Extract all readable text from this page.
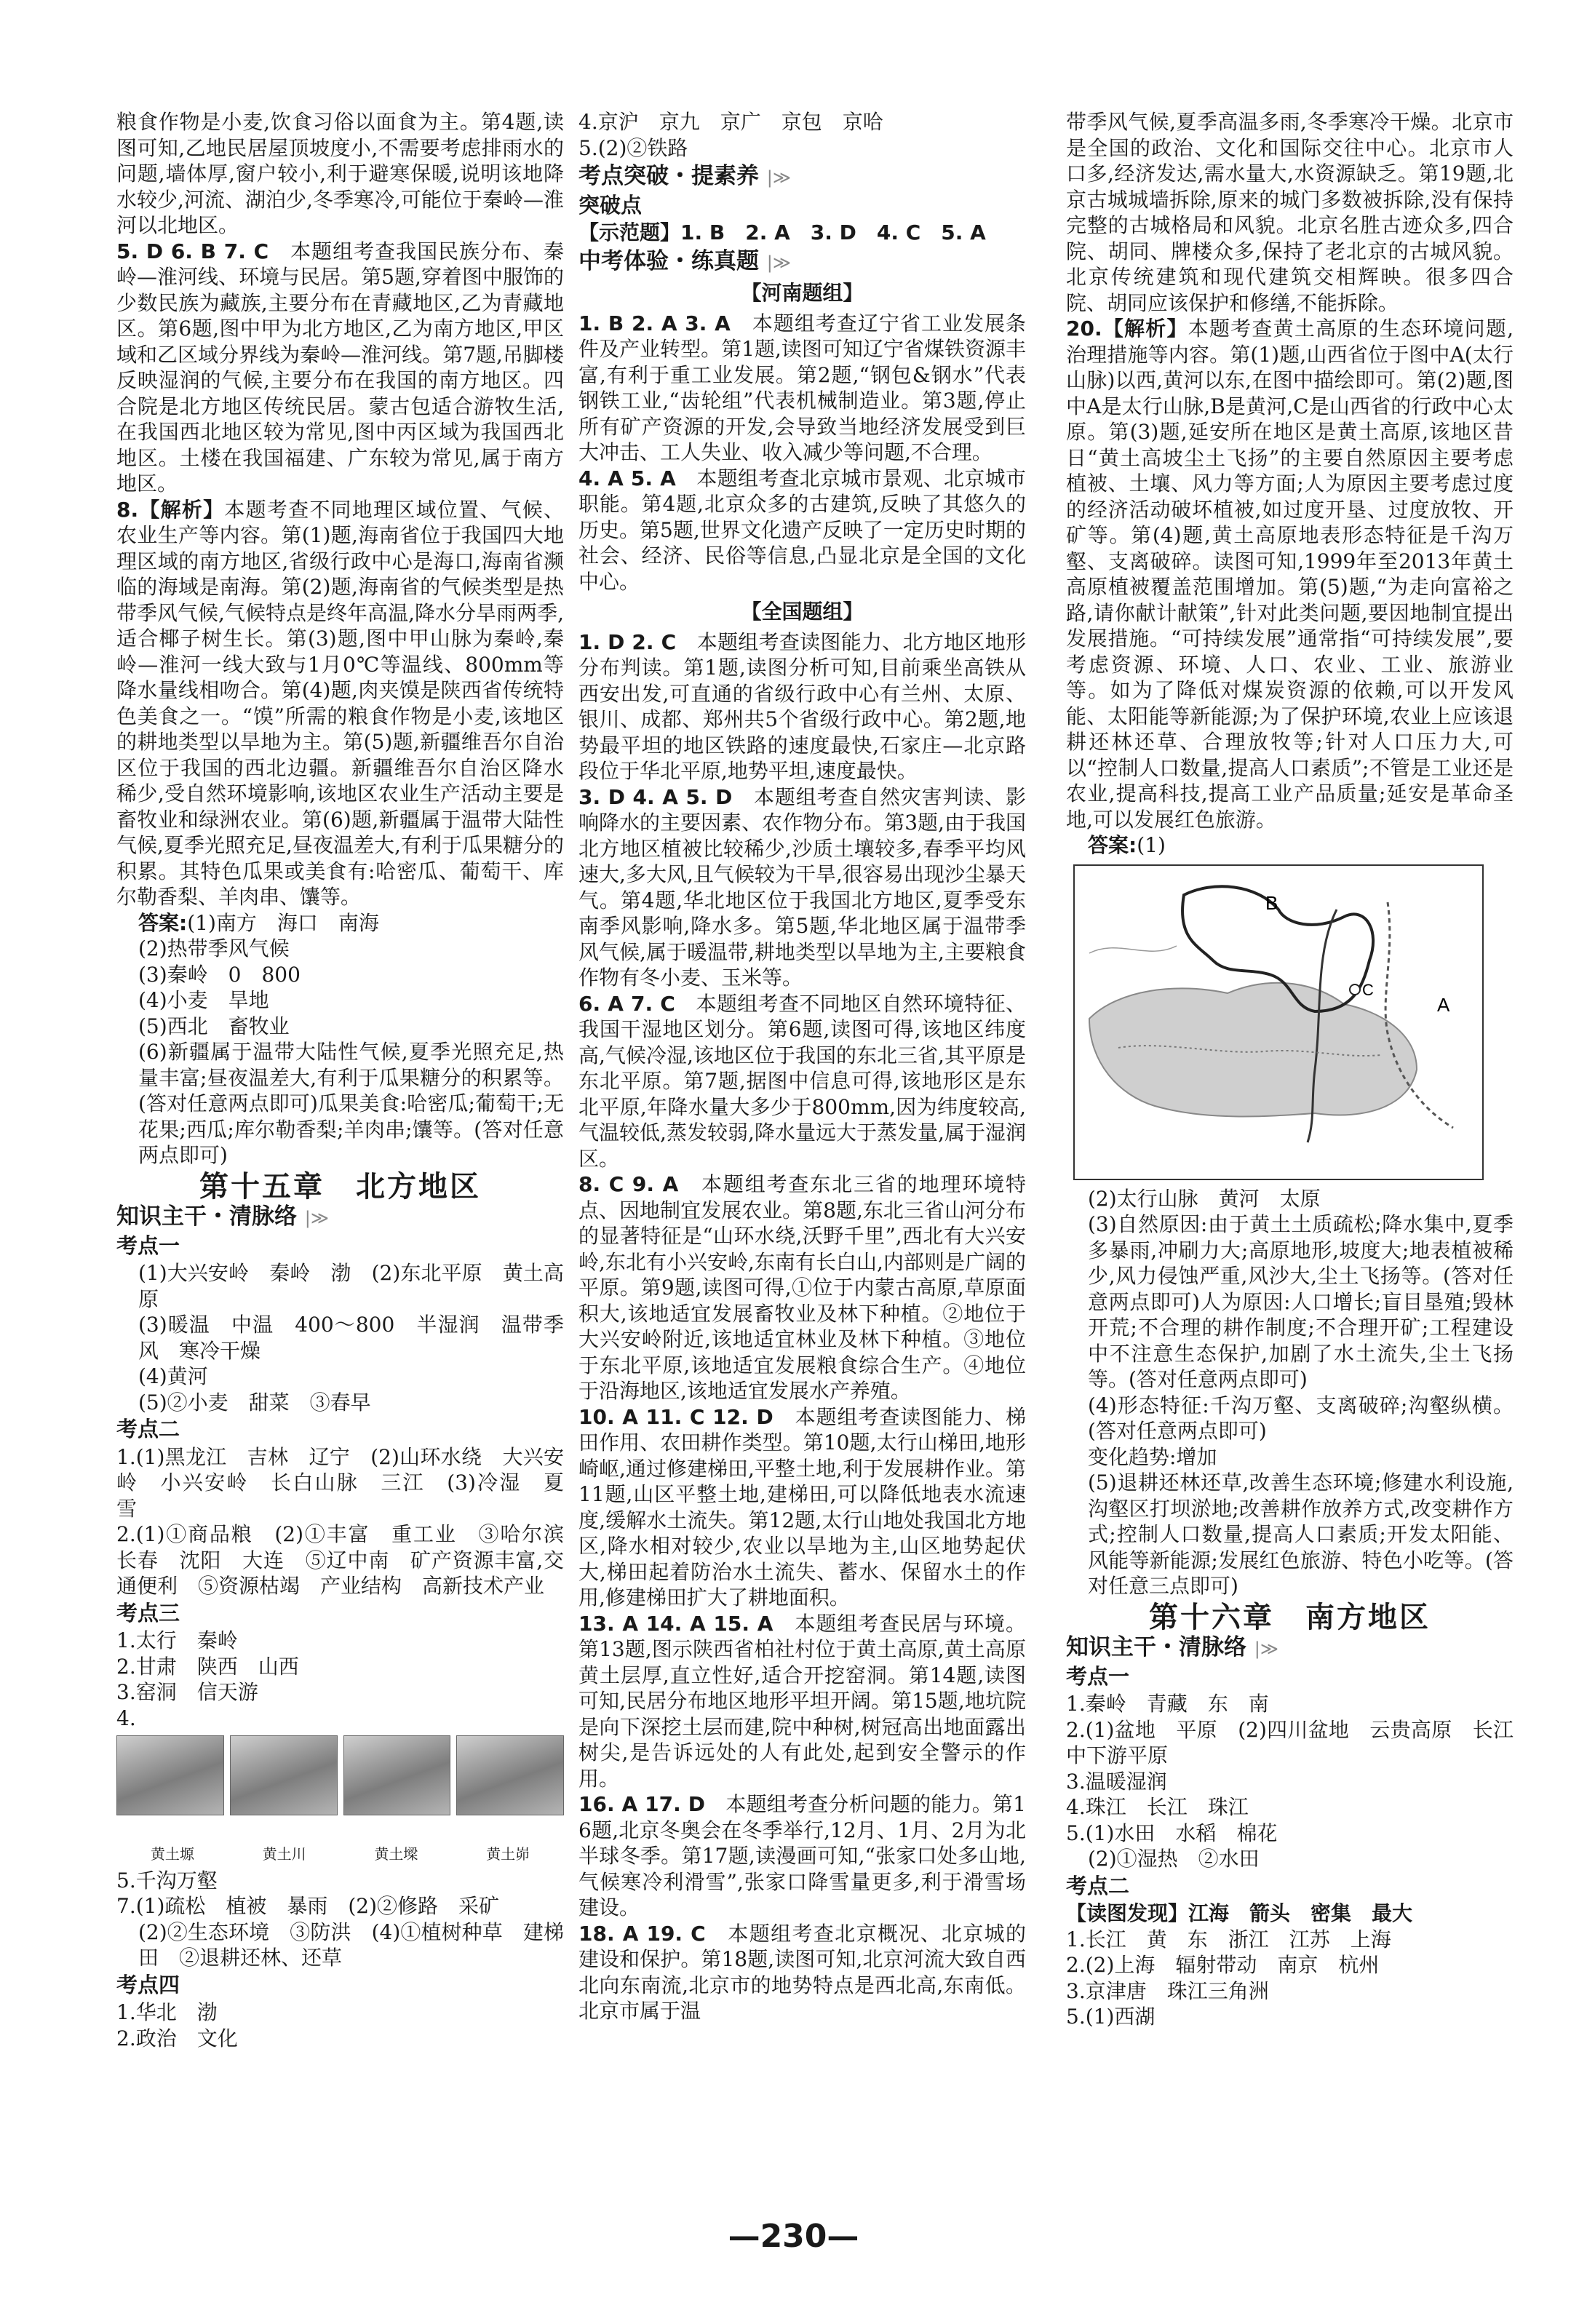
粮食作物是小麦,饮食习俗以面食为主。第4题,读图可知,乙地民居屋顶坡度小,不需要考虑排雨水的问题,墙体厚,窗户较小,利于避寒保暖,说明该地降水较少,河流、湖泊少,冬季寒冷,可能位于秦岭—淮河以北地区。

5. D 6. B 7. C　 本题组考查我国民族分布、秦岭—淮河线、环境与民居。第5题,穿着图中服饰的少数民族为藏族,主要分布在青藏地区,乙为青藏地区。第6题,图中甲为北方地区,乙为南方地区,甲区域和乙区域分界线为秦岭—淮河线。第7题,吊脚楼反映湿润的气候,主要分布在我国的南方地区。四合院是北方地区传统民居。蒙古包适合游牧生活,在我国西北地区较为常见,图中丙区域为我国西北地区。土楼在我国福建、广东较为常见,属于南方地区。

8.【解析】本题考查不同地理区域位置、气候、农业生产等内容。第(1)题,海南省位于我国四大地理区域的南方地区,省级行政中心是海口,海南省濒临的海域是南海。第(2)题,海南省的气候类型是热带季风气候,气候特点是终年高温,降水分旱雨两季,适合椰子树生长。第(3)题,图中甲山脉为秦岭,秦岭—淮河一线大致与1月0℃等温线、800mm等降水量线相吻合。第(4)题,肉夹馍是陕西省传统特色美食之一。“馍”所需的粮食作物是小麦,该地区的耕地类型以旱地为主。第(5)题,新疆维吾尔自治区位于我国的西北边疆。新疆维吾尔自治区降水稀少,受自然环境影响,该地区农业生产活动主要是畜牧业和绿洲农业。第(6)题,新疆属于温带大陆性气候,夏季光照充足,昼夜温差大,有利于瓜果糖分的积累。其特色瓜果或美食有:哈密瓜、葡萄干、库尔勒香梨、羊肉串、馕等。

答案:(1)南方　海口　南海

(2)热带季风气候

(3)秦岭　0　800

(4)小麦　旱地

(5)西北　畜牧业

(6)新疆属于温带大陆性气候,夏季光照充足,热量丰富;昼夜温差大,有利于瓜果糖分的积累等。(答对任意两点即可)瓜果美食:哈密瓜;葡萄干;无花果;西瓜;库尔勒香梨;羊肉串;馕等。(答对任意两点即可)

第十五章　北方地区
知识主干・清脉络 |≫
考点一

(1)大兴安岭　秦岭　渤　(2)东北平原　黄土高原

(3)暖温　中温　400～800　半湿润　温带季风　寒冷干燥

(4)黄河

(5)②小麦　甜菜　③春早

考点二

1.(1)黑龙江　吉林　辽宁　(2)山环水绕　大兴安岭　小兴安岭　长白山脉　三江　(3)冷湿　夏　雪

2.(1)①商品粮　(2)①丰富　重工业　③哈尔滨　长春　沈阳　大连　⑤辽中南　矿产资源丰富,交通便利　⑤资源枯竭　产业结构　高新技术产业

考点三

1.太行　秦岭

2.甘肃　陕西　山西

3.窑洞　信天游

4.

黄土塬	黄土川	黄土墚	黄土峁

5.千沟万壑

7.(1)疏松　植被　暴雨　(2)②修路　采矿

(2)②生态环境　③防洪　(4)①植树种草　建梯田　②退耕还林、还草

考点四

1.华北　渤

2.政治　文化

4.京沪　京九　京广　京包　京哈

5.(2)②铁路

考点突破・提素养 |≫
突破点

【示范题】1. B　2. A　3. D　4. C　5. A

中考体验・练真题 |≫
【河南题组】

1. B 2. A 3. A　 本题组考查辽宁省工业发展条件及产业转型。第1题,读图可知辽宁省煤铁资源丰富,有利于重工业发展。第2题,“钢包&钢水”代表钢铁工业,“齿轮组”代表机械制造业。第3题,停止所有矿产资源的开发,会导致当地经济发展受到巨大冲击、工人失业、收入减少等问题,不合理。

4. A 5. A　 本题组考查北京城市景观、北京城市职能。第4题,北京众多的古建筑,反映了其悠久的历史。第5题,世界文化遗产反映了一定历史时期的社会、经济、民俗等信息,凸显北京是全国的文化中心。

【全国题组】

1. D 2. C　 本题组考查读图能力、北方地区地形分布判读。第1题,读图分析可知,目前乘坐高铁从西安出发,可直通的省级行政中心有兰州、太原、银川、成都、郑州共5个省级行政中心。第2题,地势最平坦的地区铁路的速度最快,石家庄—北京路段位于华北平原,地势平坦,速度最快。

3. D 4. A 5. D　 本题组考查自然灾害判读、影响降水的主要因素、农作物分布。第3题,由于我国北方地区植被比较稀少,沙质土壤较多,春季平均风速大,多大风,且气候较为干旱,很容易出现沙尘暴天气。第4题,华北地区位于我国北方地区,夏季受东南季风影响,降水多。第5题,华北地区属于温带季风气候,属于暖温带,耕地类型以旱地为主,主要粮食作物有冬小麦、玉米等。

6. A 7. C　 本题组考查不同地区自然环境特征、我国干湿地区划分。第6题,读图可得,该地区纬度高,气候冷湿,该地区位于我国的东北三省,其平原是东北平原。第7题,据图中信息可得,该地形区是东北平原,年降水量大多少于800mm,因为纬度较高,气温较低,蒸发较弱,降水量远大于蒸发量,属于湿润区。

8. C 9. A　 本题组考查东北三省的地理环境特点、因地制宜发展农业。第8题,东北三省山河分布的显著特征是“山环水绕,沃野千里”,西北有大兴安岭,东北有小兴安岭,东南有长白山,内部则是广阔的平原。第9题,读图可得,①位于内蒙古高原,草原面积大,该地适宜发展畜牧业及林下种植。②地位于大兴安岭附近,该地适宜林业及林下种植。③地位于东北平原,该地适宜发展粮食综合生产。④地位于沿海地区,该地适宜发展水产养殖。

10. A 11. C 12. D　 本题组考查读图能力、梯田作用、农田耕作类型。第10题,太行山梯田,地形崎岖,通过修建梯田,平整土地,利于发展耕作业。第11题,山区平整土地,建梯田,可以降低地表水流速度,缓解水土流失。第12题,太行山地处我国北方地区,降水相对较少,农业以旱地为主,山区地势起伏大,梯田起着防治水土流失、蓄水、保留水土的作用,修建梯田扩大了耕地面积。

13. A 14. A 15. A　 本题组考查民居与环境。第13题,图示陕西省柏社村位于黄土高原,黄土高原黄土层厚,直立性好,适合开挖窑洞。第14题,读图可知,民居分布地区地形平坦开阔。第15题,地坑院是向下深挖土层而建,院中种树,树冠高出地面露出树尖,是告诉远处的人有此处,起到安全警示的作用。

16. A 17. D　 本题组考查分析问题的能力。第16题,北京冬奥会在冬季举行,12月、1月、2月为北半球冬季。第17题,读漫画可知,“张家口处多山地,气候寒冷利滑雪”,张家口降雪量更多,利于滑雪场建设。

18. A 19. C　 本题组考查北京概况、北京城的建设和保护。第18题,读图可知,北京河流大致自西北向东南流,北京市的地势特点是西北高,东南低。北京市属于温

带季风气候,夏季高温多雨,冬季寒冷干燥。北京市是全国的政治、文化和国际交往中心。北京市人口多,经济发达,需水量大,水资源缺乏。第19题,北京古城城墙拆除,原来的城门多数被拆除,没有保持完整的古城格局和风貌。北京名胜古迹众多,四合院、胡同、牌楼众多,保持了老北京的古城风貌。北京传统建筑和现代建筑交相辉映。很多四合院、胡同应该保护和修缮,不能拆除。

20.【解析】本题考查黄土高原的生态环境问题,治理措施等内容。第(1)题,山西省位于图中A(太行山脉)以西,黄河以东,在图中描绘即可。第(2)题,图中A是太行山脉,B是黄河,C是山西省的行政中心太原。第(3)题,延安所在地区是黄土高原,该地区昔日“黄土高坡尘土飞扬”的主要自然原因主要考虑植被、土壤、风力等方面;人为原因主要考虑过度的经济活动破坏植被,如过度开垦、过度放牧、开矿等。第(4)题,黄土高原地表形态特征是千沟万壑、支离破碎。读图可知,1999年至2013年黄土高原植被覆盖范围增加。第(5)题,“为走向富裕之路,请你献计献策”,针对此类问题,要因地制宜提出发展措施。“可持续发展”通常指“可持续发展”,要考虑资源、环境、人口、农业、工业、旅游业等。如为了降低对煤炭资源的依赖,可以开发风能、太阳能等新能源;为了保护环境,农业上应该退耕还林还草、合理放牧等;针对人口压力大,可以“控制人口数量,提高人口素质”;不管是工业还是农业,提高科技,提高工业产品质量;延安是革命圣地,可以发展红色旅游。

答案:(1)

B
C
A

(2)太行山脉　黄河　太原

(3)自然原因:由于黄土土质疏松;降水集中,夏季多暴雨,冲刷力大;高原地形,坡度大;地表植被稀少,风力侵蚀严重,风沙大,尘土飞扬等。(答对任意两点即可)人为原因:人口增长;盲目垦殖;毁林开荒;不合理的耕作制度;不合理开矿;工程建设中不注意生态保护,加剧了水土流失,尘土飞扬等。(答对任意两点即可)

(4)形态特征:千沟万壑、支离破碎;沟壑纵横。(答对任意两点即可)

变化趋势:增加

(5)退耕还林还草,改善生态环境;修建水利设施,沟壑区打坝淤地;改善耕作放养方式,改变耕作方式;控制人口数量,提高人口素质;开发太阳能、风能等新能源;发展红色旅游、特色小吃等。(答对任意三点即可)

第十六章　南方地区
知识主干・清脉络 |≫
考点一

1.秦岭　青藏　东　南

2.(1)盆地　平原　(2)四川盆地　云贵高原　长江中下游平原

3.温暖湿润

4.珠江　长江　珠江

5.(1)水田　水稻　棉花

(2)①湿热　②水田

考点二

【读图发现】江海　箭头　密集　最大

1.长江　黄　东　浙江　江苏　上海

2.(2)上海　辐射带动　南京　杭州

3.京津唐　珠江三角洲

5.(1)西湖

—230—
